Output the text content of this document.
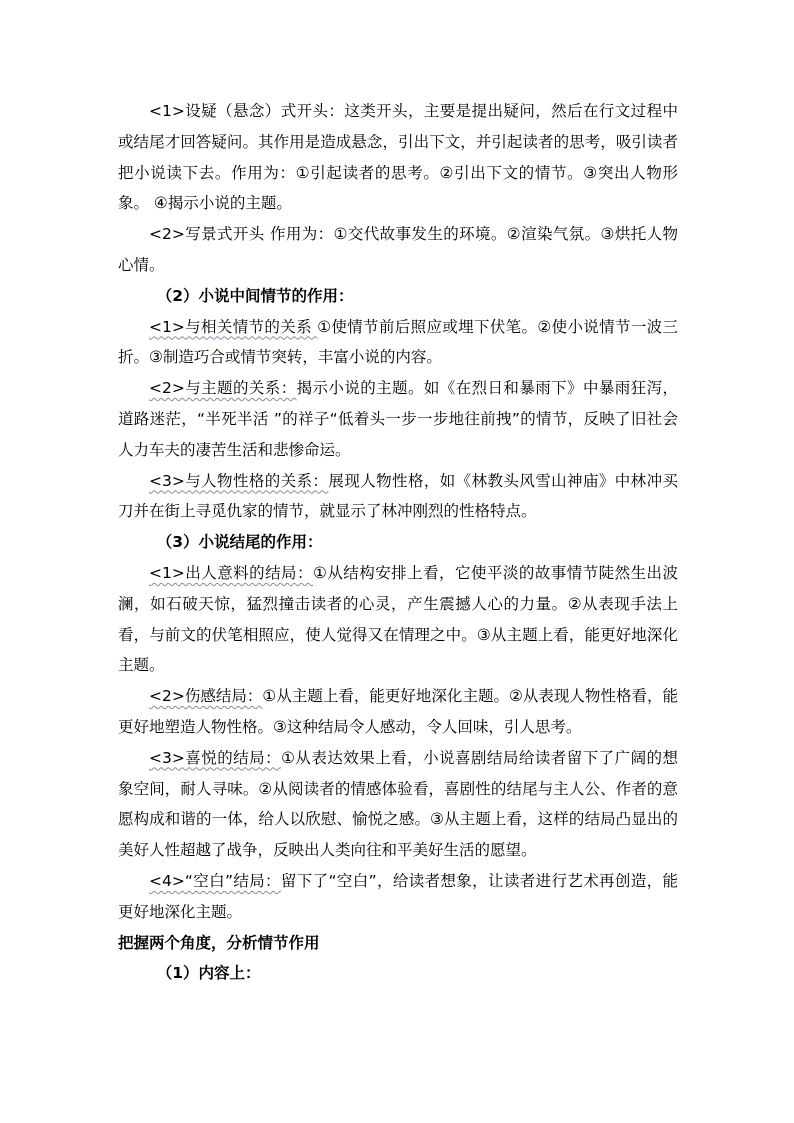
<1>设疑（悬念）式开头：这类开头，主要是提出疑问，然后在行文过程中或结尾才回答疑问。其作用是造成悬念，引出下文，并引起读者的思考，吸引读者把小说读下去。作用为：①引起读者的思考。②引出下文的情节。③突出人物形象。 ④揭示小说的主题。

<2>写景式开头 作用为：①交代故事发生的环境。②渲染气氛。③烘托人物心情。

（2）小说中间情节的作用：

<1>与相关情节的关系 ①使情节前后照应或埋下伏笔。②使小说情节一波三折。③制造巧合或情节突转，丰富小说的内容。

<2>与主题的关系：揭示小说的主题。如《在烈日和暴雨下》中暴雨狂泻，道路迷茫，“半死半活 ”的祥子“低着头一步一步地往前拽”的情节，反映了旧社会人力车夫的凄苦生活和悲惨命运。

<3>与人物性格的关系：展现人物性格，如《林教头风雪山神庙》中林冲买刀并在街上寻觅仇家的情节，就显示了林冲刚烈的性格特点。

（3）小说结尾的作用：

<1>出人意料的结局：①从结构安排上看，它使平淡的故事情节陡然生出波澜，如石破天惊，猛烈撞击读者的心灵，产生震撼人心的力量。②从表现手法上看，与前文的伏笔相照应，使人觉得又在情理之中。③从主题上看，能更好地深化主题。

<2>伤感结局：①从主题上看，能更好地深化主题。②从表现人物性格看，能更好地塑造人物性格。③这种结局令人感动，令人回味，引人思考。

<3>喜悦的结局：①从表达效果上看，小说喜剧结局给读者留下了广阔的想象空间，耐人寻味。②从阅读者的情感体验看，喜剧性的结尾与主人公、作者的意愿构成和谐的一体，给人以欣慰、愉悦之感。③从主题上看，这样的结局凸显出的美好人性超越了战争，反映出人类向往和平美好生活的愿望。

<4>“空白”结局：留下了“空白”，给读者想象，让读者进行艺术再创造，能更好地深化主题。

把握两个角度，分析情节作用

（1）内容上：
